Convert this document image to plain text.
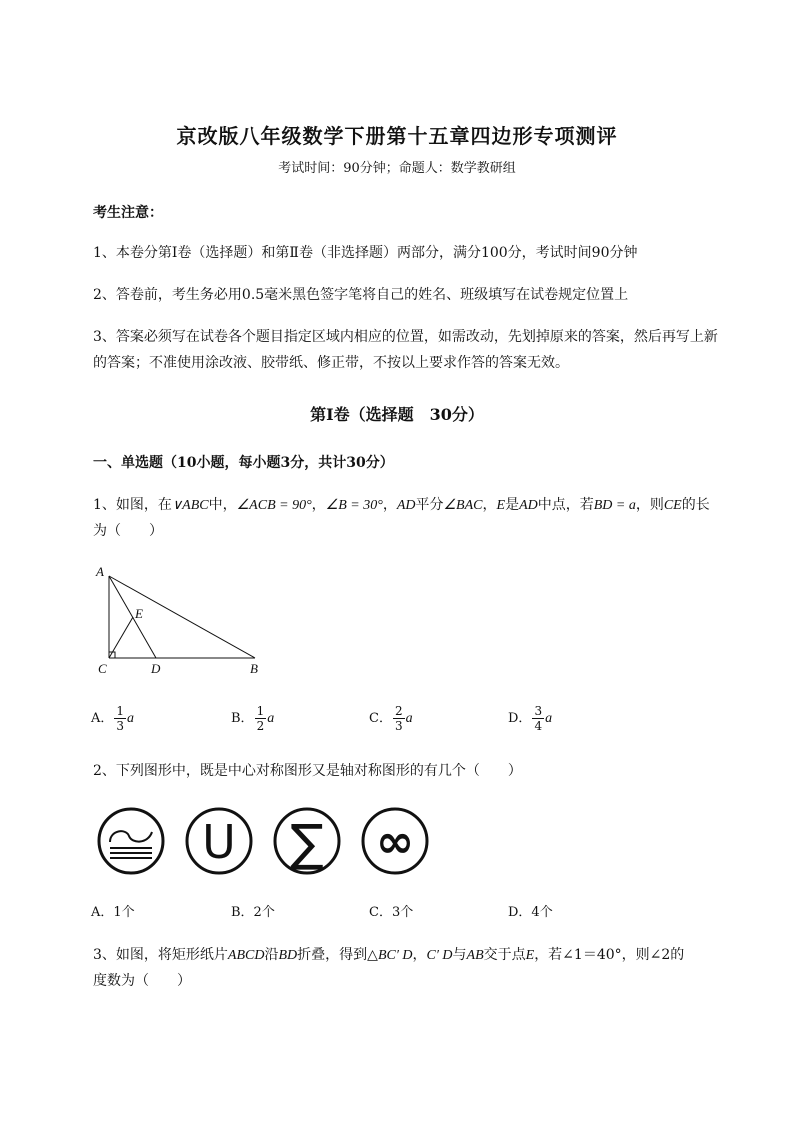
京改版八年级数学下册第十五章四边形专项测评
考试时间：90分钟；命题人：数学教研组
考生注意：
1、本卷分第I卷（选择题）和第Ⅱ卷（非选择题）两部分，满分100分，考试时间90分钟
2、答卷前，考生务必用0.5毫米黑色签字笔将自己的姓名、班级填写在试卷规定位置上
3、答案必须写在试卷各个题目指定区域内相应的位置，如需改动，先划掉原来的答案，然后再写上新
的答案；不准使用涂改液、胶带纸、修正带，不按以上要求作答的答案无效。
第I卷（选择题　30分）
一、单选题（10小题，每小题3分，共计30分）
1、如图，在∨ABC中，∠ACB = 90°，∠B = 30°，AD平分∠BAC，E是AD中点，若BD = a，则CE的长
为（　　）
A
E
C	D	B
A． $\frac{1}{3}$ a	B． $\frac{1}{2}$ a	C． $\frac{2}{3}$ a	D． $\frac{3}{4}$ a
2、下列图形中，既是中心对称图形又是轴对称图形的有几个（　　）
U ∑ ∞
A．1个	B．2个	C．3个	D．4个
3、如图，将矩形纸片ABCD沿BD折叠，得到△BC′ D，C′ D与AB交于点E，若∠1＝40°，则∠2的
度数为（　　）
